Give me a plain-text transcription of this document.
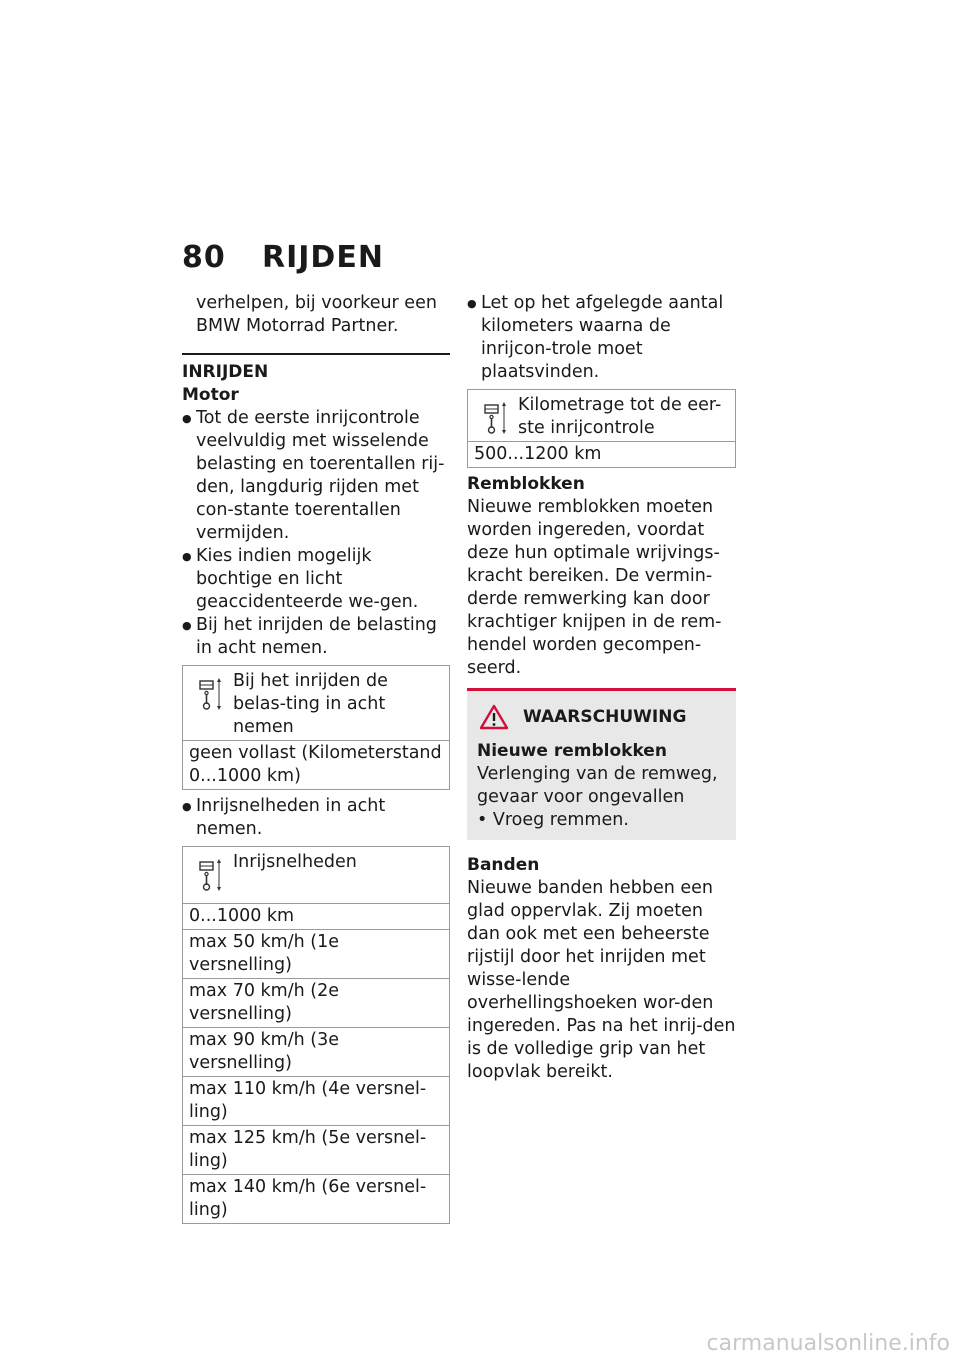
80 RIJDEN

verhelpen, bij voorkeur een BMW Motorrad Partner.

INRIJDEN
Motor

● Tot de eerste inrijcontrole veelvuldig met wisselende belasting en toerentallen rij-den, langdurig rijden met con-stante toerentallen vermijden.

● Kies indien mogelijk bochtige en licht geaccidenteerde we-gen.

● Bij het inrijden de belasting in acht nemen.

Bij het inrijden de belas-ting in acht nemen

geen vollast (Kilometerstand 0...1000 km)

● Inrijsnelheden in acht nemen.

Inrijsnelheden

0...1000 km
max 50 km/h (1e versnelling)
max 70 km/h (2e versnelling)
max 90 km/h (3e versnelling)
max 110 km/h (4e versnel-ling)
max 125 km/h (5e versnel-ling)
max 140 km/h (6e versnel-ling)

● Let op het afgelegde aantal kilometers waarna de inrijcon-trole moet plaatsvinden.

Kilometrage tot de eer-ste inrijcontrole

500...1200 km
Remblokken

Nieuwe remblokken moeten worden ingereden, voordat deze hun optimale wrijvings-kracht bereiken. De vermin-derde remwerking kan door krachtiger knijpen in de rem-hendel worden gecompen-seerd.

WAARSCHUWING
Nieuwe remblokken

Verlenging van de remweg, gevaar voor ongevallen

• Vroeg remmen.

Banden

Nieuwe banden hebben een glad oppervlak. Zij moeten dan ook met een beheerste rijstijl door het inrijden met wisse-lende overhellingshoeken wor-den ingereden. Pas na het inrij-den is de volledige grip van het loopvlak bereikt.

carmanualsonline.info
